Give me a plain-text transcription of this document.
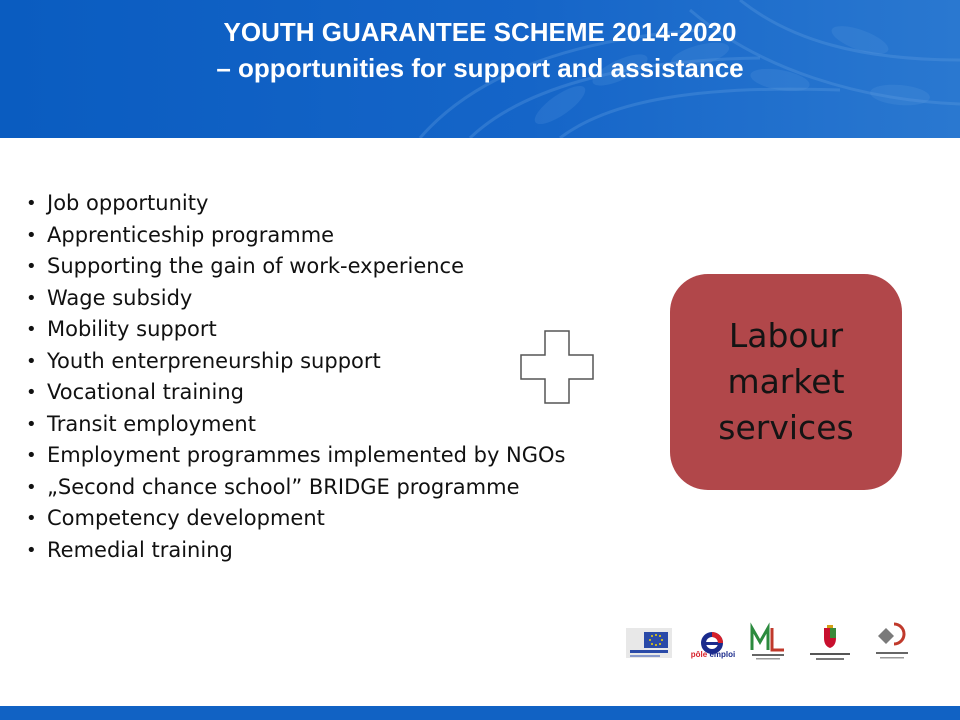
YOUTH GUARANTEE SCHEME 2014-2020
– opportunities for support and assistance
• Job opportunity
• Apprenticeship programme
• Supporting the gain of work-experience
• Wage subsidy
• Mobility support
• Youth enterpreneurship support
• Vocational training
• Transit employment
• Employment programmes implemented by NGOs
• „Second chance school” BRIDGE programme
• Competency development
• Remedial training
Labour
market
services
pôle emploi
